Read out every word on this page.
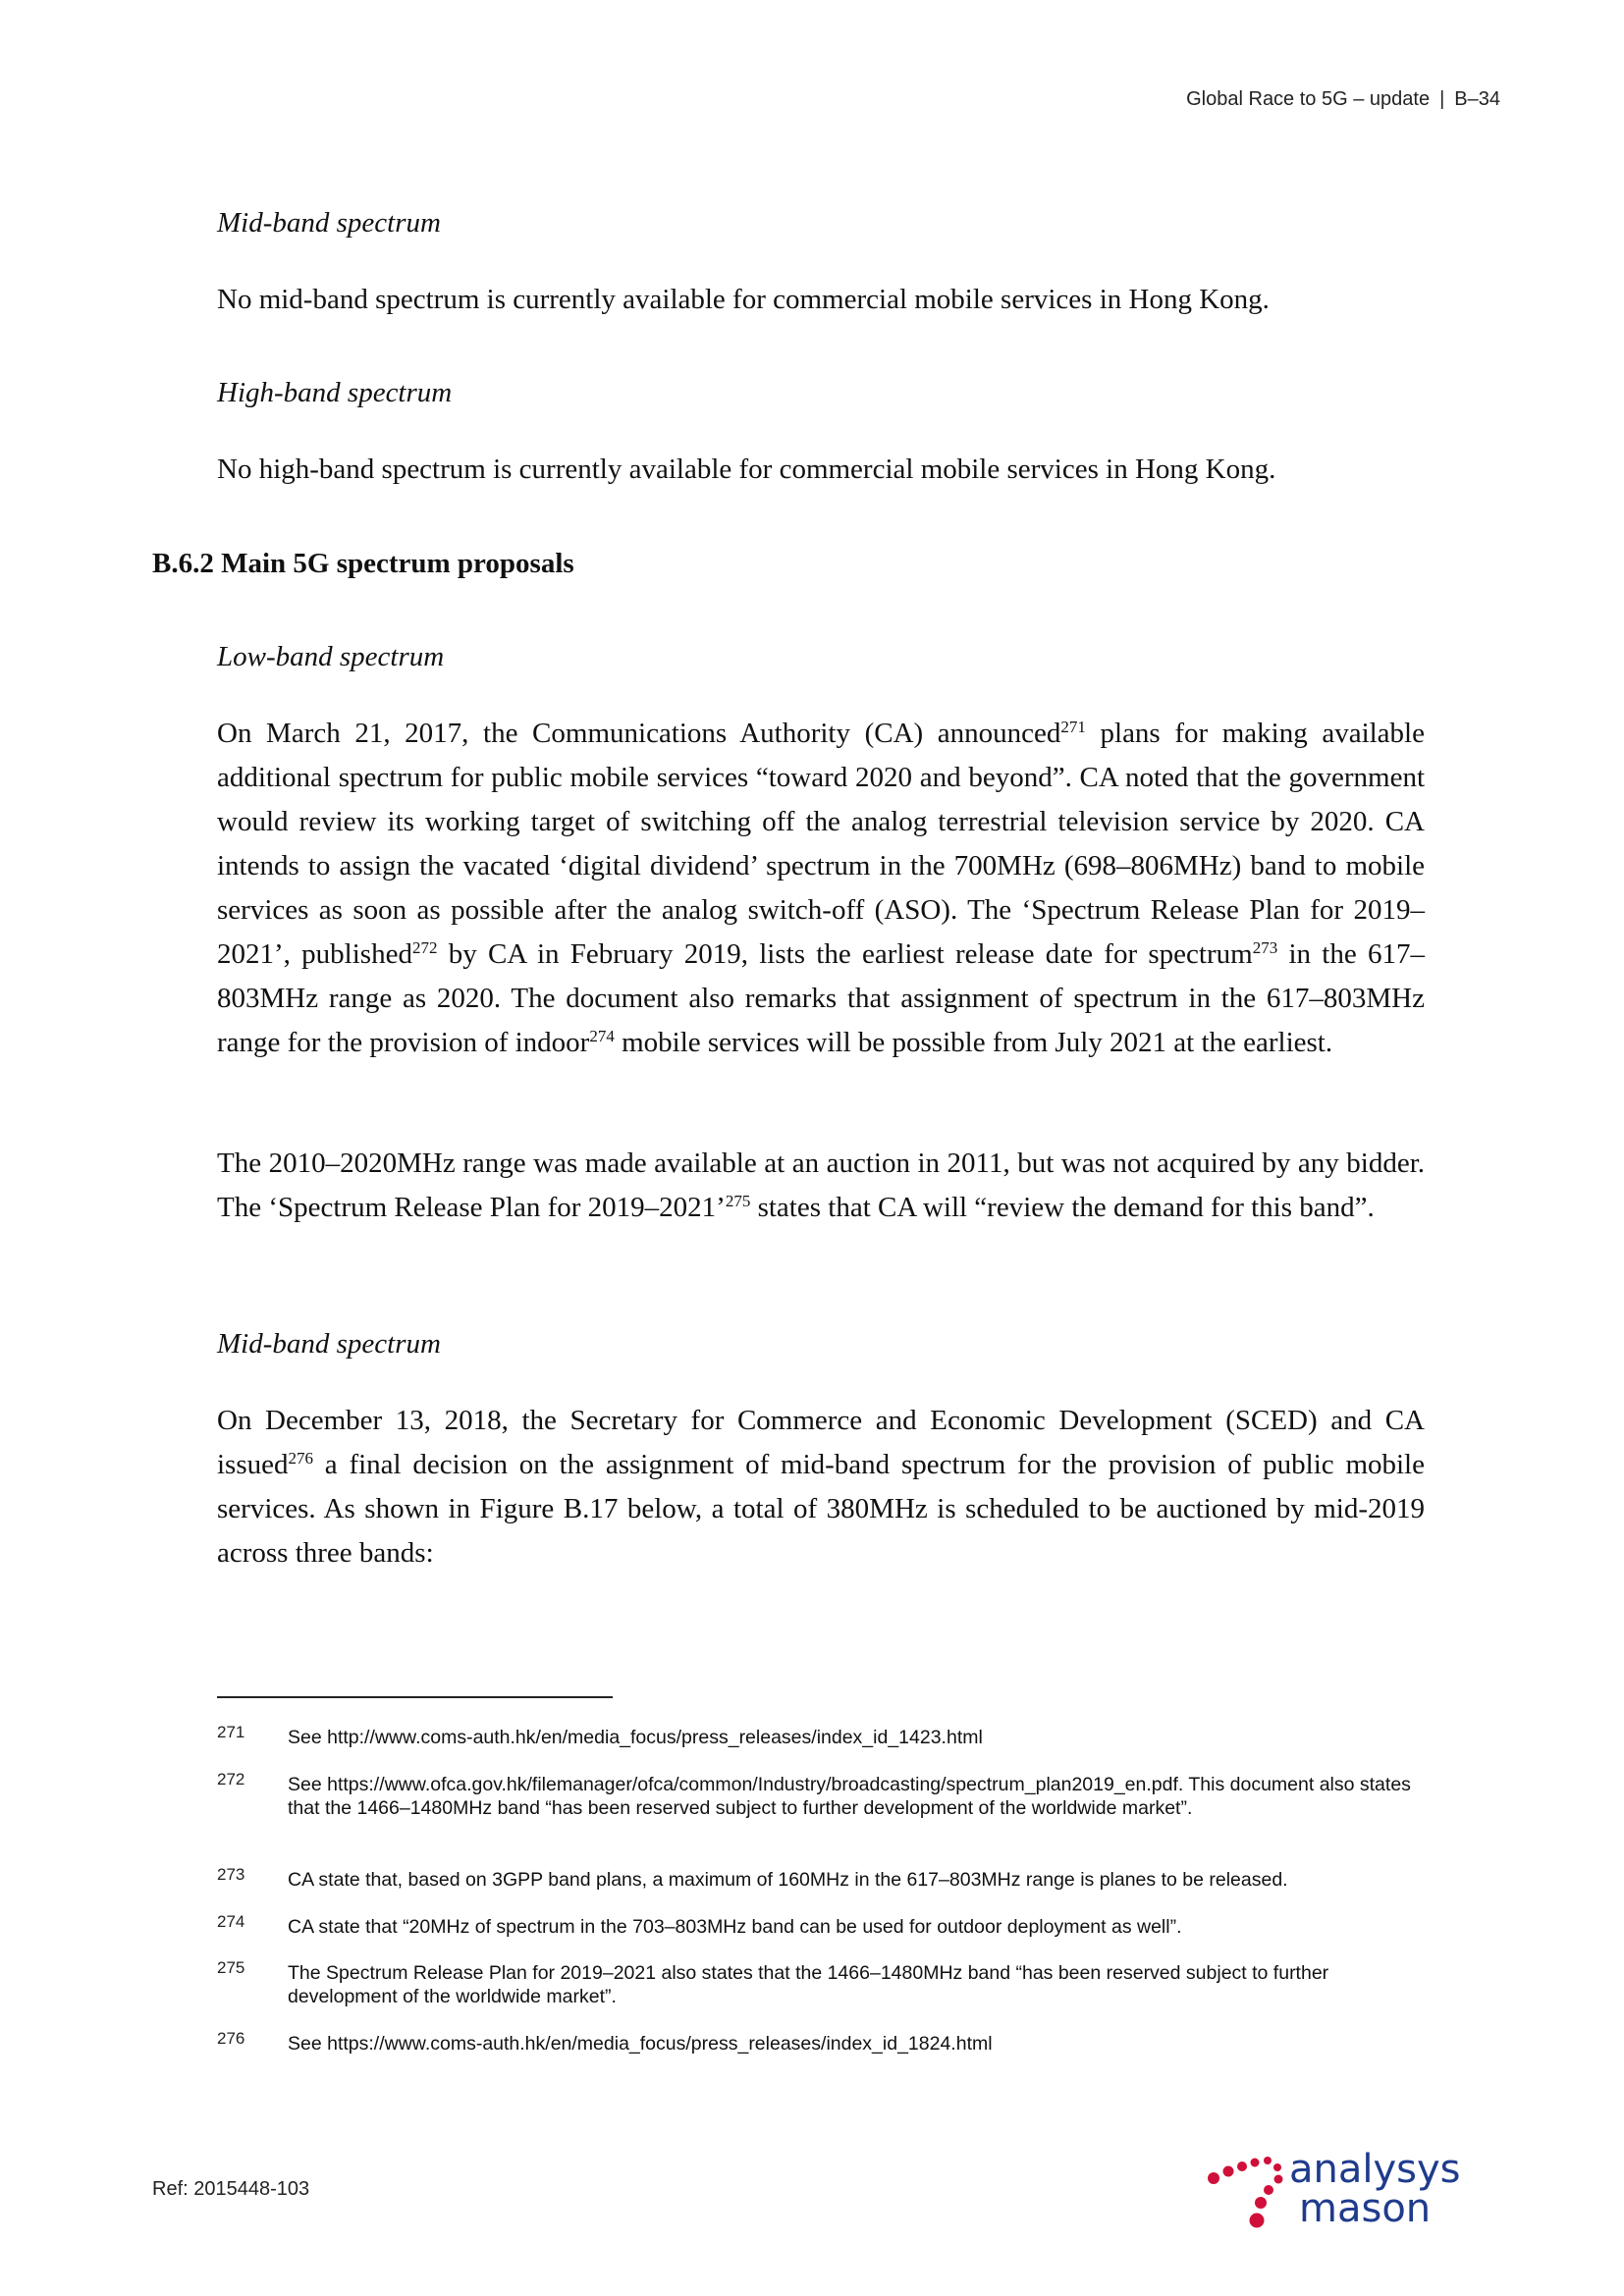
Global Race to 5G – update | B–34

Mid-band spectrum

No mid-band spectrum is currently available for commercial mobile services in Hong Kong.

High-band spectrum

No high-band spectrum is currently available for commercial mobile services in Hong Kong.

B.6.2 Main 5G spectrum proposals

Low-band spectrum

On March 21, 2017, the Communications Authority (CA) announced$^{271}$ plans for making available additional spectrum for public mobile services “toward 2020 and beyond”. CA noted that the government would review its working target of switching off the analog terrestrial television service by 2020. CA intends to assign the vacated ‘digital dividend’ spectrum in the 700MHz (698–806MHz) band to mobile services as soon as possible after the analog switch-off (ASO). The ‘Spectrum Release Plan for 2019–2021’, published$^{272}$ by CA in February 2019, lists the earliest release date for spectrum$^{273}$ in the 617–803MHz range as 2020. The document also remarks that assignment of spectrum in the 617–803MHz range for the provision of indoor$^{274}$ mobile services will be possible from July 2021 at the earliest.

The 2010–2020MHz range was made available at an auction in 2011, but was not acquired by any bidder. The ‘Spectrum Release Plan for 2019–2021’$^{275}$ states that CA will “review the demand for this band”.

Mid-band spectrum

On December 13, 2018, the Secretary for Commerce and Economic Development (SCED) and CA issued$^{276}$ a final decision on the assignment of mid-band spectrum for the provision of public mobile services. As shown in Figure B.17 below, a total of 380MHz is scheduled to be auctioned by mid-2019 across three bands:

271 See http://www.coms-auth.hk/en/media_focus/press_releases/index_id_1423.html
272 See https://www.ofca.gov.hk/filemanager/ofca/common/Industry/broadcasting/spectrum_plan2019_en.pdf. This document also states that the 1466–1480MHz band “has been reserved subject to further development of the worldwide market”.
273 CA state that, based on 3GPP band plans, a maximum of 160MHz in the 617–803MHz range is planes to be released.
274 CA state that “20MHz of spectrum in the 703–803MHz band can be used for outdoor deployment as well”.
275 The Spectrum Release Plan for 2019–2021 also states that the 1466–1480MHz band “has been reserved subject to further development of the worldwide market”.
276 See https://www.coms-auth.hk/en/media_focus/press_releases/index_id_1824.html
Ref: 2015448-103	analysys
mason
